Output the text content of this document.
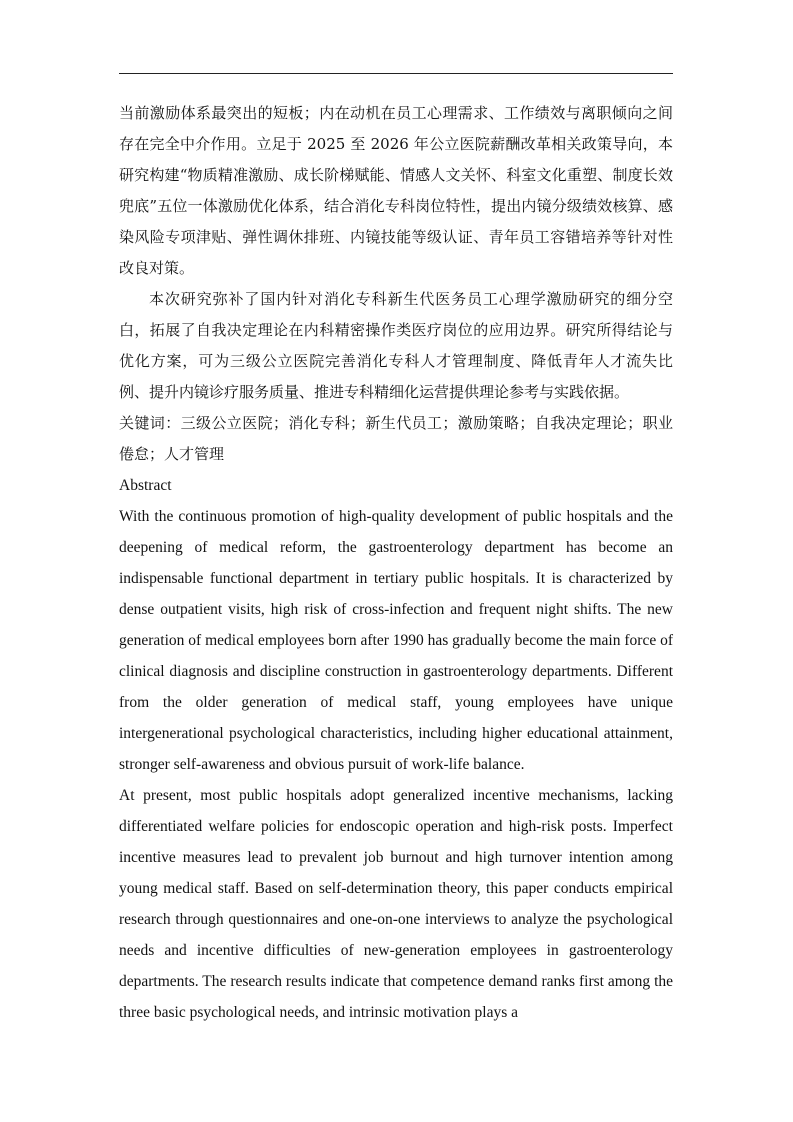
当前激励体系最突出的短板；内在动机在员工心理需求、工作绩效与离职倾向之间存在完全中介作用。立足于 2025 至 2026 年公立医院薪酬改革相关政策导向，本研究构建“物质精准激励、成长阶梯赋能、情感人文关怀、科室文化重塑、制度长效兜底”五位一体激励优化体系，结合消化专科岗位特性，提出内镜分级绩效核算、感染风险专项津贴、弹性调休排班、内镜技能等级认证、青年员工容错培养等针对性改良对策。

本次研究弥补了国内针对消化专科新生代医务员工心理学激励研究的细分空白，拓展了自我决定理论在内科精密操作类医疗岗位的应用边界。研究所得结论与优化方案，可为三级公立医院完善消化专科人才管理制度、降低青年人才流失比例、提升内镜诊疗服务质量、推进专科精细化运营提供理论参考与实践依据。

关键词：三级公立医院；消化专科；新生代员工；激励策略；自我决定理论；职业倦怠；人才管理

Abstract

With the continuous promotion of high-quality development of public hospitals and the deepening of medical reform, the gastroenterology department has become an indispensable functional department in tertiary public hospitals. It is characterized by dense outpatient visits, high risk of cross-infection and frequent night shifts. The new generation of medical employees born after 1990 has gradually become the main force of clinical diagnosis and discipline construction in gastroenterology departments. Different from the older generation of medical staff, young employees have unique intergenerational psychological characteristics, including higher educational attainment, stronger self-awareness and obvious pursuit of work-life balance.

At present, most public hospitals adopt generalized incentive mechanisms, lacking differentiated welfare policies for endoscopic operation and high-risk posts. Imperfect incentive measures lead to prevalent job burnout and high turnover intention among young medical staff. Based on self-determination theory, this paper conducts empirical research through questionnaires and one-on-one interviews to analyze the psychological needs and incentive difficulties of new-generation employees in gastroenterology departments. The research results indicate that competence demand ranks first among the three basic psychological needs, and intrinsic motivation plays a
